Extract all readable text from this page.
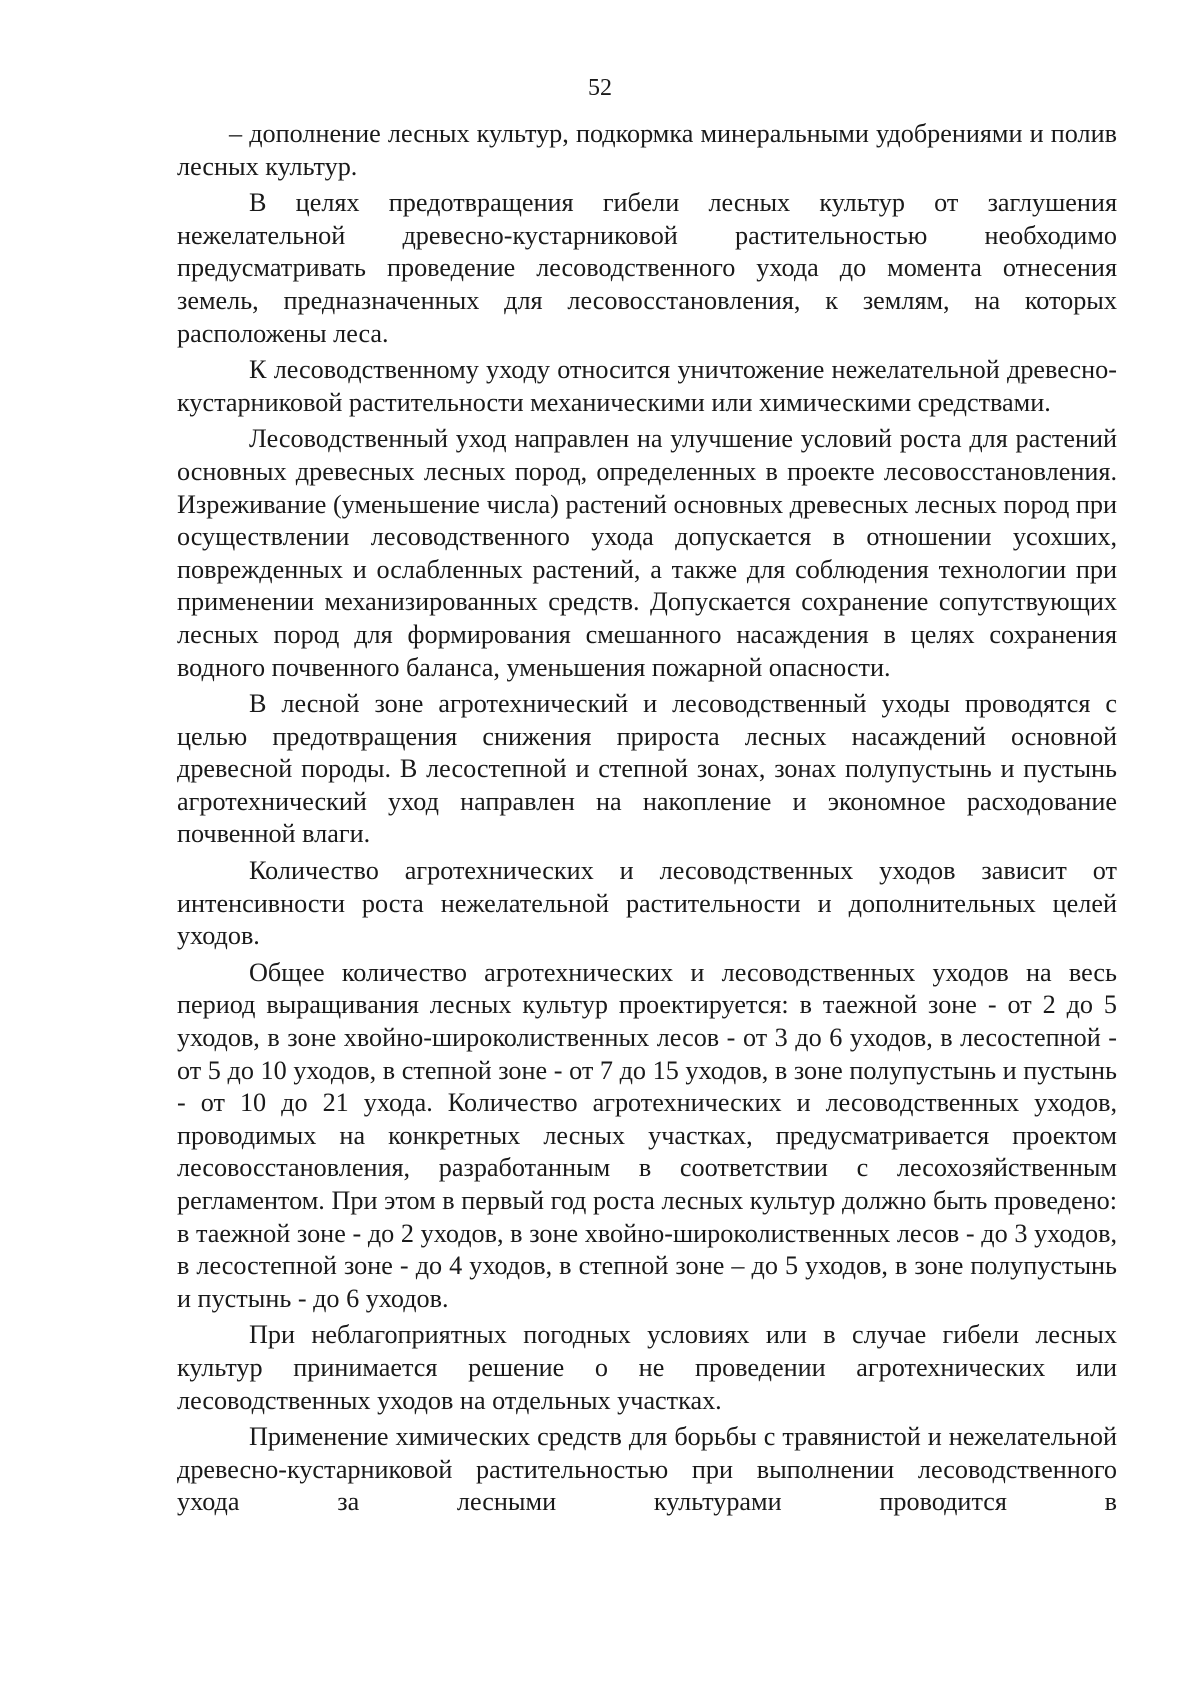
52

– дополнение лесных культур, подкормка минеральными удобрениями и полив лесных культур.

В целях предотвращения гибели лесных культур от заглушения нежелательной древесно-кустарниковой растительностью необходимо предусматривать проведение лесоводственного ухода до момента отнесения земель, предназначенных для лесовосстановления, к землям, на которых расположены леса.

К лесоводственному уходу относится уничтожение нежелательной древесно-кустарниковой растительности механическими или химическими средствами.

Лесоводственный уход направлен на улучшение условий роста для растений основных древесных лесных пород, определенных в проекте лесовосстановления. Изреживание (уменьшение числа) растений основных древесных лесных пород при осуществлении лесоводственного ухода допускается в отношении усохших, поврежденных и ослабленных растений, а также для соблюдения технологии при применении механизированных средств. Допускается сохранение сопутствующих лесных пород для формирования смешанного насаждения в целях сохранения водного почвенного баланса, уменьшения пожарной опасности.

В лесной зоне агротехнический и лесоводственный уходы проводятся с целью предотвращения снижения прироста лесных насаждений основной древесной породы. В лесостепной и степной зонах, зонах полупустынь и пустынь агротехнический уход направлен на накопление и экономное расходование почвенной влаги.

Количество агротехнических и лесоводственных уходов зависит от интенсивности роста нежелательной растительности и дополнительных целей уходов.

Общее количество агротехнических и лесоводственных уходов на весь период выращивания лесных культур проектируется: в таежной зоне - от 2 до 5 уходов, в зоне хвойно-широколиственных лесов - от 3 до 6 уходов, в лесостепной - от 5 до 10 уходов, в степной зоне - от 7 до 15 уходов, в зоне полупустынь и пустынь - от 10 до 21 ухода. Количество агротехнических и лесоводственных уходов, проводимых на конкретных лесных участках, предусматривается проектом лесовосстановления, разработанным в соответствии с лесохозяйственным регламентом. При этом в первый год роста лесных культур должно быть проведено: в таежной зоне - до 2 уходов, в зоне хвойно-широколиственных лесов - до 3 уходов, в лесостепной зоне - до 4 уходов, в степной зоне – до 5 уходов, в зоне полупустынь и пустынь - до 6 уходов.

При неблагоприятных погодных условиях или в случае гибели лесных культур принимается решение о не проведении агротехнических или лесоводственных уходов на отдельных участках.

Применение химических средств для борьбы с травянистой и нежелательной древесно-кустарниковой растительностью при выполнении лесоводственного ухода за лесными культурами проводится в
